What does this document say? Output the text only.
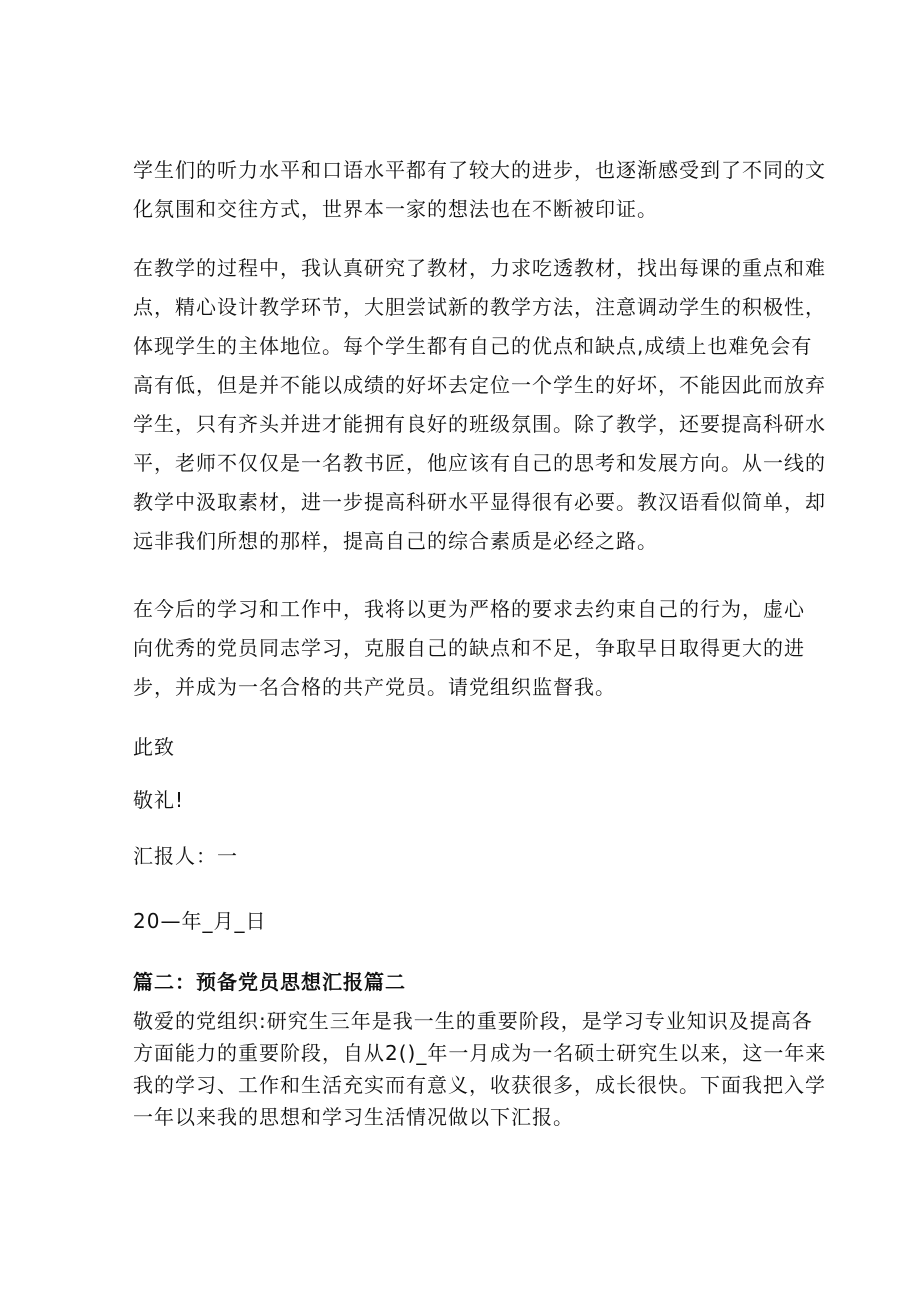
学生们的听力水平和口语水平都有了较大的进步，也逐渐感受到了不同的文
化氛围和交往方式，世界本一家的想法也在不断被印证。
在教学的过程中，我认真研究了教材，力求吃透教材，找出每课的重点和难
点，精心设计教学环节，大胆尝试新的教学方法，注意调动学生的积极性，
体现学生的主体地位。每个学生都有自己的优点和缺点,成绩上也难免会有
高有低，但是并不能以成绩的好坏去定位一个学生的好坏，不能因此而放弃
学生，只有齐头并进才能拥有良好的班级氛围。除了教学，还要提高科研水
平，老师不仅仅是一名教书匠，他应该有自己的思考和发展方向。从一线的
教学中汲取素材，进一步提高科研水平显得很有必要。教汉语看似简单，却
远非我们所想的那样，提高自己的综合素质是必经之路。
在今后的学习和工作中，我将以更为严格的要求去约束自己的行为，虚心
向优秀的党员同志学习，克服自己的缺点和不足，争取早日取得更大的进
步，并成为一名合格的共产党员。请党组织监督我。
此致
敬礼!
汇报人：一
20—年_月_日
篇二：预备党员思想汇报篇二
敬爱的党组织:研究生三年是我一生的重要阶段，是学习专业知识及提高各
方面能力的重要阶段，自从2()_年一月成为一名硕士研究生以来，这一年来
我的学习、工作和生活充实而有意义，收获很多，成长很快。下面我把入学
一年以来我的思想和学习生活情况做以下汇报。
